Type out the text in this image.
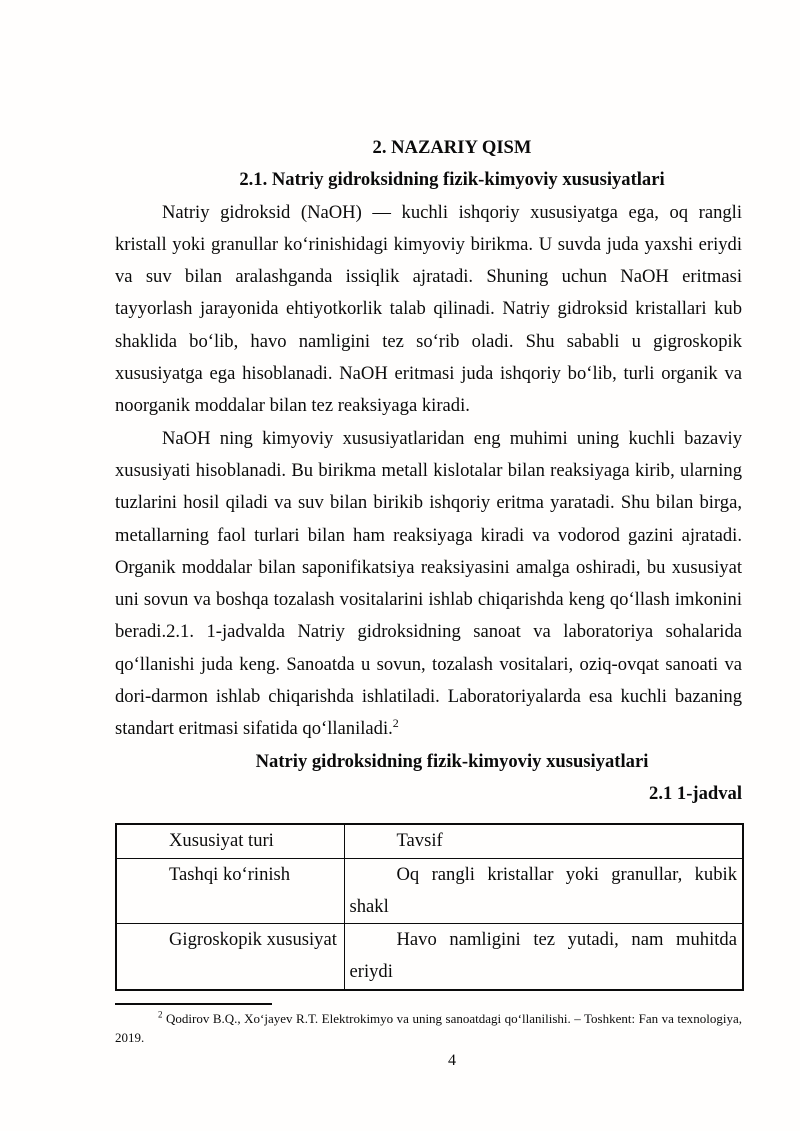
2. NAZARIY QISM
2.1. Natriy gidroksidning fizik-kimyoviy xususiyatlari

Natriy gidroksid (NaOH) — kuchli ishqoriy xususiyatga ega, oq rangli kristall yoki granullar koʻrinishidagi kimyoviy birikma. U suvda juda yaxshi eriydi va suv bilan aralashganda issiqlik ajratadi. Shuning uchun NaOH eritmasi tayyorlash jarayonida ehtiyotkorlik talab qilinadi. Natriy gidroksid kristallari kub shaklida boʻlib, havo namligini tez soʻrib oladi. Shu sababli u gigroskopik xususiyatga ega hisoblanadi. NaOH eritmasi juda ishqoriy boʻlib, turli organik va noorganik moddalar bilan tez reaksiyaga kiradi.

NaOH ning kimyoviy xususiyatlaridan eng muhimi uning kuchli bazaviy xususiyati hisoblanadi. Bu birikma metall kislotalar bilan reaksiyaga kirib, ularning tuzlarini hosil qiladi va suv bilan birikib ishqoriy eritma yaratadi. Shu bilan birga, metallarning faol turlari bilan ham reaksiyaga kiradi va vodorod gazini ajratadi. Organik moddalar bilan saponifikatsiya reaksiyasini amalga oshiradi, bu xususiyat uni sovun va boshqa tozalash vositalarini ishlab chiqarishda keng qoʻllash imkonini beradi.2.1. 1-jadvalda Natriy gidroksidning sanoat va laboratoriya sohalarida qoʻllanishi juda keng. Sanoatda u sovun, tozalash vositalari, oziq-ovqat sanoati va dori-darmon ishlab chiqarishda ishlatiladi. Laboratoriyalarda esa kuchli bazaning standart eritmasi sifatida qoʻllaniladi.$^2$

Natriy gidroksidning fizik-kimyoviy xususiyatlari

2.1 1-jadval

Xususiyat turi	Tavsif
Tashqi koʻrinish	Oq rangli kristallar yoki granullar, kubik shakl
Gigroskopik xususiyat	Havo namligini tez yutadi, nam muhitda eriydi

$^2$ Qodirov B.Q., Xoʻjayev R.T. Elektrokimyo va uning sanoatdagi qoʻllanilishi. – Toshkent: Fan va texnologiya, 2019.

4
